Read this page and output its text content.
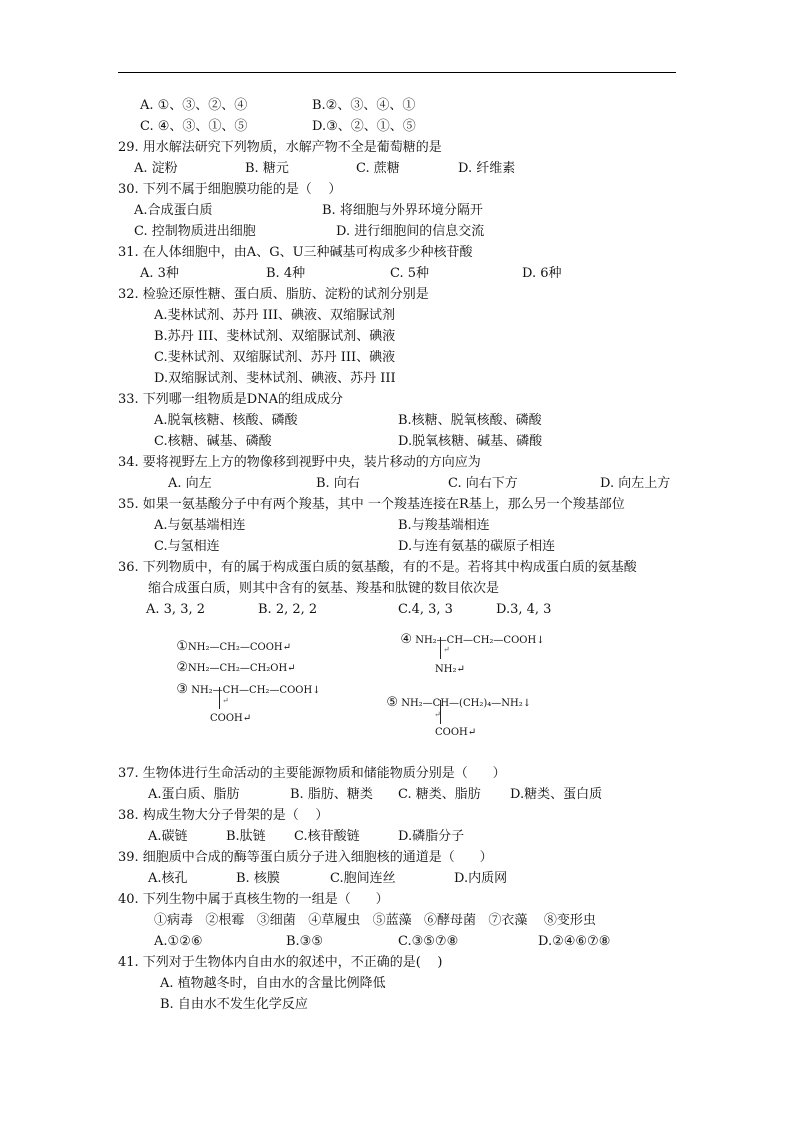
A. ①、③、②、④	B.②、③、④、①
C. ④、③、①、⑤	D.③、②、①、⑤
29. 用水解法研究下列物质，水解产物不全是葡萄糖的是
A. 淀粉	B. 糖元	C. 蔗糖	D. 纤维素
30. 下列不属于细胞膜功能的是（    ）
A.合成蛋白质	B. 将细胞与外界环境分隔开
C. 控制物质进出细胞	D. 进行细胞间的信息交流
31. 在人体细胞中，由A、G、U三种碱基可构成多少种核苷酸
A. 3种	B. 4种	C. 5种	D. 6种
32. 检验还原性糖、蛋白质、脂肪、淀粉的试剂分别是
A.斐林试剂、苏丹 III、碘液、双缩脲试剂
B.苏丹 III、斐林试剂、双缩脲试剂、碘液
C.斐林试剂、双缩脲试剂、苏丹 III、碘液
D.双缩脲试剂、斐林试剂、碘液、苏丹 III
33. 下列哪一组物质是DNA的组成成分
A.脱氧核糖、核酸、磷酸	B.核糖、脱氧核酸、磷酸
C.核糖、碱基、磷酸	D.脱氧核糖、碱基、磷酸
34. 要将视野左上方的物像移到视野中央，装片移动的方向应为
A. 向左	B. 向右	C. 向右下方	D. 向左上方
35. 如果一氨基酸分子中有两个羧基，其中 一个羧基连接在R基上，那么另一个羧基部位
A.与氨基端相连	B.与羧基端相连
C.与氢相连	D.与连有氨基的碳原子相连
36. 下列物质中，有的属于构成蛋白质的氨基酸，有的不是。若将其中构成蛋白质的氨基酸
缩合成蛋白质，则其中含有的氨基、羧基和肽键的数目依次是
A. 3, 3, 2	B. 2, 2, 2	C.4, 3, 3	D.3, 4, 3

①NH₂—CH₂—COOH↵

②NH₂—CH₂—CH₂OH↵

③ NH₂—CH—CH₂—COOH↓

↵
COOH↵

④ NH₂—CH—CH₂—COOH↓

↵
NH₂↵

⑤ NH₂—CH—(CH₂)₄—NH₂↓

↵
COOH↵
37. 生物体进行生命活动的主要能源物质和储能物质分别是（      ）
A.蛋白质、脂肪	B. 脂肪、糖类 C. 糖类、脂肪 D.糖类、蛋白质
38. 构成生物大分子骨架的是（    ）
A.碳链	B.肽链 C.核苷酸链	D.磷脂分子
39. 细胞质中合成的酶等蛋白质分子进入细胞核的通道是（      ）
A.核孔	B. 核膜	C.胞间连丝	D.内质网
40. 下列生物中属于真核生物的一组是（      ）
①病毒   ②根霉   ③细菌   ④草履虫   ⑤蓝藻   ⑥酵母菌   ⑦衣藻    ⑧变形虫
A.①②⑥	B.③⑤	C.③⑤⑦⑧	D.②④⑥⑦⑧
41. 下列对于生物体内自由水的叙述中，不正确的是(    )
A. 植物越冬时，自由水的含量比例降低
B. 自由水不发生化学反应
